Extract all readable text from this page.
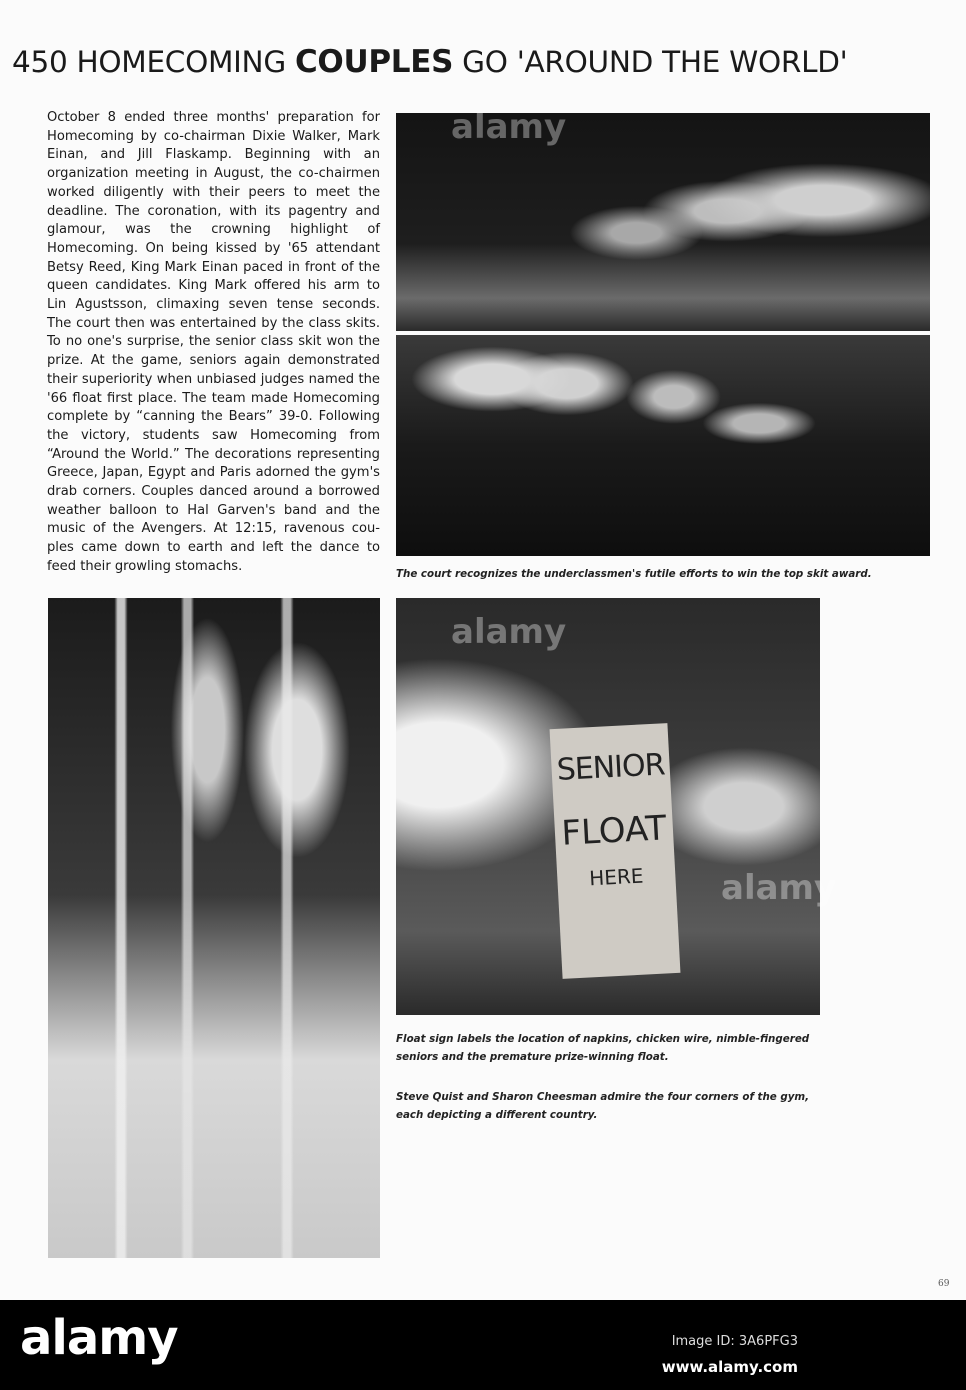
450 HOMECOMING COUPLES GO 'AROUND THE WORLD'
October 8 ended three months' preparation for Homecoming by co-chairman Dixie Walker, Mark Einan, and Jill Flaskamp. Beginning with an organization meeting in August, the co-chairmen worked diligently with their peers to meet the deadline. The coronation, with its pagentry and glamour, was the crowning highlight of Homecoming. On being kissed by '65 attendant Betsy Reed, King Mark Einan paced in front of the queen candidates. King Mark offered his arm to Lin Agustsson, climaxing seven tense seconds. The court then was entertained by the class skits. To no one's surprise, the senior class skit won the prize. At the game, seniors again demonstrated their superiority when unbiased judges named the '66 float first place. The team made Homecoming complete by “canning the Bears” 39-0. Following the victory, students saw Homecoming from “Around the World.” The decorations representing Greece, Japan, Egypt and Paris adorned the gym's drab corners. Couples danced around a borrowed weather balloon to Hal Garven's band and the music of the Avengers. At 12:15, ravenous couples came down to earth and left the dance to feed their growling stomachs.
alamy
The court recognizes the underclassmen's futile efforts to win the top skit award.
alamy
alamy
SENIOR
FLOAT
HERE
Float sign labels the location of napkins, chicken wire, nimble-fingered seniors and the premature prize-winning float.
Steve Quist and Sharon Cheesman admire the four corners of the gym, each depicting a different country.
69
alamy	Image ID: 3A6PFG3
www.alamy.com
